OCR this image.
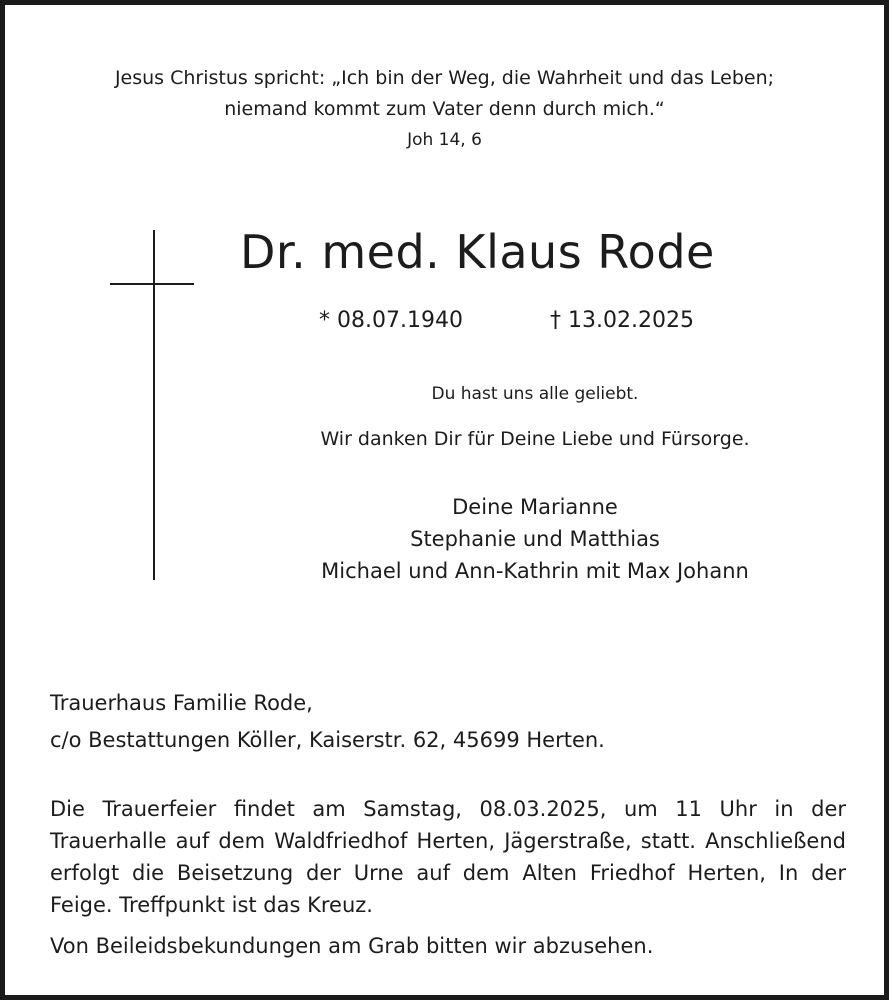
Jesus Christus spricht: „Ich bin der Weg, die Wahrheit und das Leben;
niemand kommt zum Vater denn durch mich.“
Joh 14, 6
Dr. med. Klaus Rode
* 08.07.1940	† 13.02.2025
Du hast uns alle geliebt.
Wir danken Dir für Deine Liebe und Fürsorge.
Deine Marianne
Stephanie und Matthias
Michael und Ann-Kathrin mit Max Johann
Trauerhaus Familie Rode,
c/o Bestattungen Köller, Kaiserstr. 62, 45699 Herten.
Die Trauerfeier findet am Samstag, 08.03.2025, um 11 Uhr in der Trauerhalle auf dem Waldfriedhof Herten, Jägerstraße, statt. Anschließend erfolgt die Beisetzung der Urne auf dem Alten Friedhof Herten, In der Feige. Treffpunkt ist das Kreuz.
Von Beileidsbekundungen am Grab bitten wir abzusehen.
